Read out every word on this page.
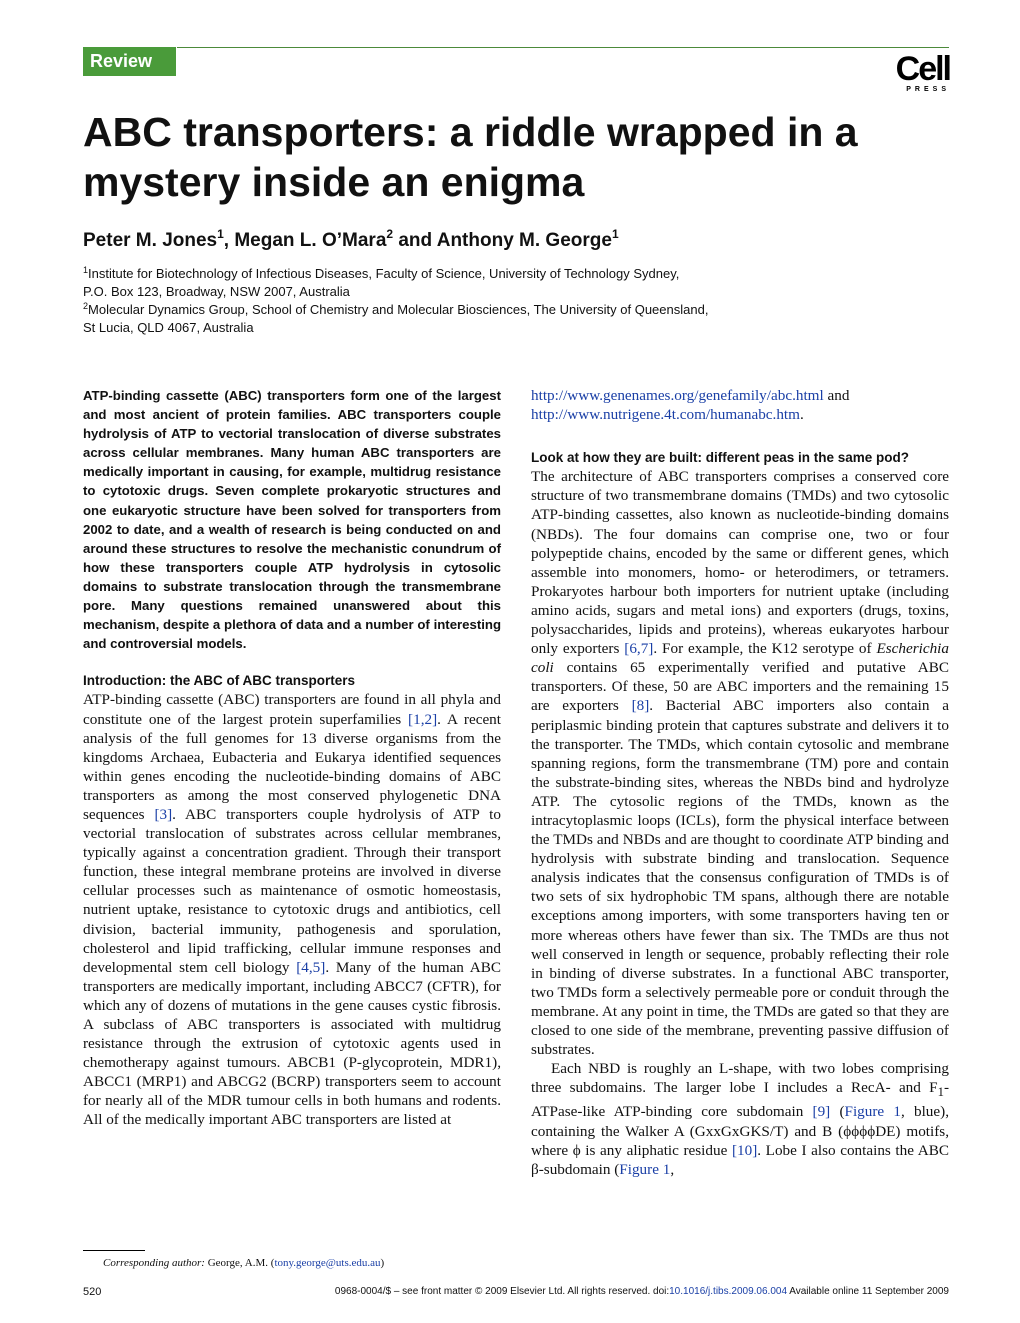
Review	Cell
PRESS
ABC transporters: a riddle wrapped in a mystery inside an enigma
Peter M. Jones$^1$, Megan L. O’Mara$^2$ and Anthony M. George$^1$

$^1$Institute for Biotechnology of Infectious Diseases, Faculty of Science, University of Technology Sydney,

P.O. Box 123, Broadway, NSW 2007, Australia

$^2$Molecular Dynamics Group, School of Chemistry and Molecular Biosciences, The University of Queensland,

St Lucia, QLD 4067, Australia

ATP-binding cassette (ABC) transporters form one of the largest and most ancient of protein families. ABC transporters couple hydrolysis of ATP to vectorial translocation of diverse substrates across cellular membranes. Many human ABC transporters are medically important in causing, for example, multidrug resistance to cytotoxic drugs. Seven complete prokaryotic structures and one eukaryotic structure have been solved for transporters from 2002 to date, and a wealth of research is being conducted on and around these structures to resolve the mechanistic conundrum of how these transporters couple ATP hydrolysis in cytosolic domains to substrate translocation through the transmembrane pore. Many questions remained unanswered about this mechanism, despite a plethora of data and a number of interesting and controversial models.

Introduction: the ABC of ABC transporters

ATP-binding cassette (ABC) transporters are found in all phyla and constitute one of the largest protein superfamilies [1,2]. A recent analysis of the full genomes for 13 diverse organisms from the kingdoms Archaea, Eubacteria and Eukarya identified sequences within genes encoding the nucleotide-binding domains of ABC transporters as among the most conserved phylogenetic DNA sequences [3]. ABC transporters couple hydrolysis of ATP to vectorial translocation of substrates across cellular membranes, typically against a concentration gradient. Through their transport function, these integral membrane proteins are involved in diverse cellular processes such as maintenance of osmotic homeostasis, nutrient uptake, resistance to cytotoxic drugs and antibiotics, cell division, bacterial immunity, pathogenesis and sporulation, cholesterol and lipid trafficking, cellular immune responses and developmental stem cell biology [4,5]. Many of the human ABC transporters are medically important, including ABCC7 (CFTR), for which any of dozens of mutations in the gene causes cystic fibrosis. A subclass of ABC transporters is associated with multidrug resistance through the extrusion of cytotoxic agents used in chemotherapy against tumours. ABCB1 (P-glycoprotein, MDR1), ABCC1 (MRP1) and ABCG2 (BCRP) transporters seem to account for nearly all of the MDR tumour cells in both humans and rodents. All of the medically important ABC transporters are listed at

http://www.genenames.org/genefamily/abc.html and http://www.nutrigene.4t.com/humanabc.htm.

Look at how they are built: different peas in the same pod?

The architecture of ABC transporters comprises a conserved core structure of two transmembrane domains (TMDs) and two cytosolic ATP-binding cassettes, also known as nucleotide-binding domains (NBDs). The four domains can comprise one, two or four polypeptide chains, encoded by the same or different genes, which assemble into monomers, homo- or heterodimers, or tetramers. Prokaryotes harbour both importers for nutrient uptake (including amino acids, sugars and metal ions) and exporters (drugs, toxins, polysaccharides, lipids and proteins), whereas eukaryotes harbour only exporters [6,7]. For example, the K12 serotype of Escherichia coli contains 65 experimentally verified and putative ABC transporters. Of these, 50 are ABC importers and the remaining 15 are exporters [8]. Bacterial ABC importers also contain a periplasmic binding protein that captures substrate and delivers it to the transporter. The TMDs, which contain cytosolic and membrane spanning regions, form the transmembrane (TM) pore and contain the substrate-binding sites, whereas the NBDs bind and hydrolyze ATP. The cytosolic regions of the TMDs, known as the intracytoplasmic loops (ICLs), form the physical interface between the TMDs and NBDs and are thought to coordinate ATP binding and hydrolysis with substrate binding and translocation. Sequence analysis indicates that the consensus configuration of TMDs is of two sets of six hydrophobic TM spans, although there are notable exceptions among importers, with some transporters having ten or more whereas others have fewer than six. The TMDs are thus not well conserved in length or sequence, probably reflecting their role in binding of diverse substrates. In a functional ABC transporter, two TMDs form a selectively permeable pore or conduit through the membrane. At any point in time, the TMDs are gated so that they are closed to one side of the membrane, preventing passive diffusion of substrates.

Each NBD is roughly an L-shape, with two lobes comprising three subdomains. The larger lobe I includes a RecA- and $F_1-ATPase$-like ATP-binding core subdomain [9] (Figure 1, blue), containing the Walker A (GxxGxGKS/T) and B (ϕϕϕϕDE) motifs, where ϕ is any aliphatic residue [10]. Lobe I also contains the ABC β-subdomain (Figure 1,

Corresponding author: George, A.M. (tony.george@uts.edu.au)
520	0968-0004/$ – see front matter © 2009 Elsevier Ltd. All rights reserved. doi:10.1016/j.tibs.2009.06.004 Available online 11 September 2009
